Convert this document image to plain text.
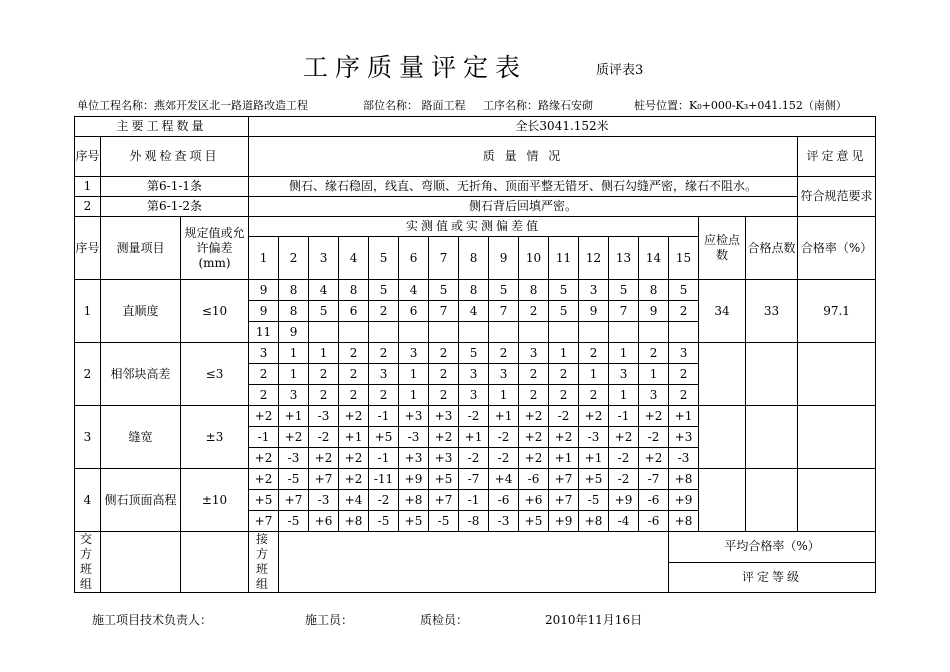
工序质量评定表	质评表3
单位工程名称：燕郊开发区北一路道路改造工程	部位名称： 路面工程 工序名称：路缘石安砌	桩号位置：K₀+000-K₃+041.152（南侧）
主要工程数量			全长3041.152米																		
序号	外观检查项目		质 量 情 况																	评定意见	
1	第6-1-1条		侧石、缘石稳固，线直、弯顺、无折角、顶面平整无错牙、侧石勾缝严密，缘石不阻水。																	符合规范要求	
2	第6-1-2条		侧石背后回填严密。																		
序号	测量项目	规定值或允许偏差(mm)	实测值或实测偏差值															应检点数	合格点数	合格率（%）	
			1	2	3	4	5	6	7	8	9	10	11	12	13	14	15				
1	直顺度	≤10	9	8	4	8	5	4	5	8	5	8	5	3	5	8	5	34	33	97.1	
			9	8	5	6	2	6	7	4	7	2	5	9	7	9	2				
			11	9																	
2	相邻块高差	≤3	3	1	1	2	2	3	2	5	2	3	1	2	1	2	3				
			2	1	2	2	3	1	2	3	3	2	2	1	3	1	2				
			2	3	2	2	2	1	2	3	1	2	2	2	1	3	2				
3	缝宽	±3	+2	+1	-3	+2	-1	+3	+3	-2	+1	+2	-2	+2	-1	+2	+1				
			-1	+2	-2	+1	+5	-3	+2	+1	-2	+2	+2	-3	+2	-2	+3				
			+2	-3	+2	+2	-1	+3	+3	-2	-2	+2	+1	+1	-2	+2	-3				
4	侧石顶面高程	±10	+2	-5	+7	+2	-11	+9	+5	-7	+4	-6	+7	+5	-2	-7	+8				
			+5	+7	-3	+4	-2	+8	+7	-1	-6	+6	+7	-5	+9	-6	+9				
			+7	-5	+6	+8	-5	+5	-5	-8	-3	+5	+9	+8	-4	-6	+8				
交方班组			接方班组														平均合格率（%）				
																	评定等级				
施工项目技术负责人：	施工员：	质检员：	2010年11月16日
